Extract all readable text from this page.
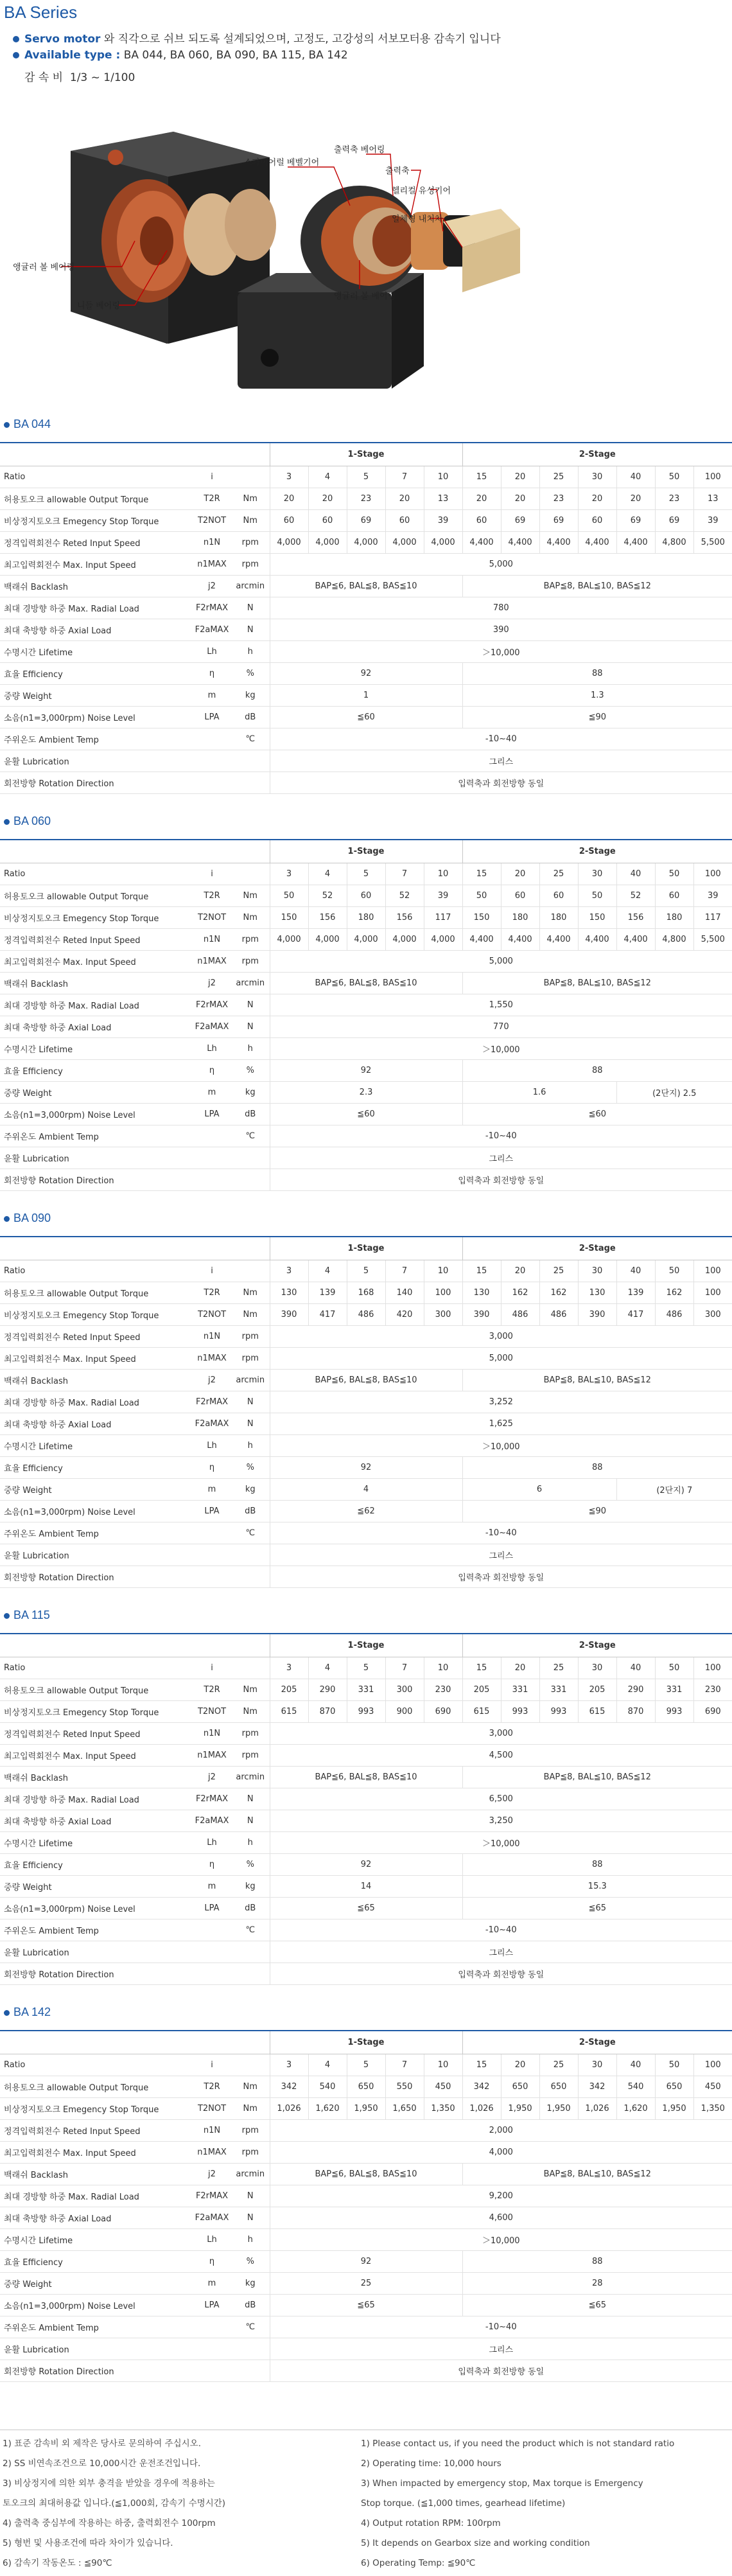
BA Series
Servo motor 와 직각으로 쉬브 되도록 설계되었으며, 고정도, 고강성의 서보모터용 감속기 입니다
Available type : BA 044, BA 060, BA 090, BA 115, BA 142
감 속 비 1/3 ~ 1/100
스파이어럴 베벨기어
출력축 베어링
출력축
헬리컬 유성기어
일체형 내치차
앵귤러 볼 베어링
니들 베어링
앵귤러 볼 베어링
BA 044
			1-Stage					2-Stage						
Ratio	i		3	4	5	7	10	15	20	25	30	40	50	100
허용토오크 allowable Output Torque	T2R	Nm	20	20	23	20	13	20	20	23	20	20	23	13
비상정지토오크 Emegency Stop Torque	T2NOT	Nm	60	60	69	60	39	60	69	69	60	69	69	39
정격입력회전수 Reted Input Speed	n1N	rpm	4,000	4,000	4,000	4,000	4,000	4,400	4,400	4,400	4,400	4,400	4,800	5,500
최고입력회전수 Max. Input Speed	n1MAX	rpm	5,000											
백래쉬 Backlash	j2	arcmin	BAP≦6, BAL≦8, BAS≦10					BAP≦8, BAL≦10, BAS≦12						
최대 경방향 하중 Max. Radial Load	F2rMAX	N	780											
최대 축방향 하중 Axial Load	F2aMAX	N	390											
수명시간 Lifetime	Lh	h	＞10,000											
효율 Efficiency	η	%	92					88						
중량 Weight	m	kg	1					1.3						
소음(n1=3,000rpm) Noise Level	LPA	dB	≦60					≦90						
주위온도 Ambient Temp		℃	-10~40											
윤활 Lubrication			그리스											
회전방향 Rotation Direction			입력축과 회전방향 동일											
BA 060
			1-Stage					2-Stage						
Ratio	i		3	4	5	7	10	15	20	25	30	40	50	100
허용토오크 allowable Output Torque	T2R	Nm	50	52	60	52	39	50	60	60	50	52	60	39
비상정지토오크 Emegency Stop Torque	T2NOT	Nm	150	156	180	156	117	150	180	180	150	156	180	117
정격입력회전수 Reted Input Speed	n1N	rpm	4,000	4,000	4,000	4,000	4,000	4,400	4,400	4,400	4,400	4,400	4,800	5,500
최고입력회전수 Max. Input Speed	n1MAX	rpm	5,000											
백래쉬 Backlash	j2	arcmin	BAP≦6, BAL≦8, BAS≦10					BAP≦8, BAL≦10, BAS≦12						
최대 경방향 하중 Max. Radial Load	F2rMAX	N	1,550											
최대 축방향 하중 Axial Load	F2aMAX	N	770											
수명시간 Lifetime	Lh	h	＞10,000											
효율 Efficiency	η	%	92					88						
중량 Weight	m	kg	2.3					1.6				(2단지) 2.5		
소음(n1=3,000rpm) Noise Level	LPA	dB	≦60					≦60						
주위온도 Ambient Temp		℃	-10~40											
윤활 Lubrication			그리스											
회전방향 Rotation Direction			입력축과 회전방향 동일											
BA 090
			1-Stage					2-Stage						
Ratio	i		3	4	5	7	10	15	20	25	30	40	50	100
허용토오크 allowable Output Torque	T2R	Nm	130	139	168	140	100	130	162	162	130	139	162	100
비상정지토오크 Emegency Stop Torque	T2NOT	Nm	390	417	486	420	300	390	486	486	390	417	486	300
정격입력회전수 Reted Input Speed	n1N	rpm	3,000											
최고입력회전수 Max. Input Speed	n1MAX	rpm	5,000											
백래쉬 Backlash	j2	arcmin	BAP≦6, BAL≦8, BAS≦10					BAP≦8, BAL≦10, BAS≦12						
최대 경방향 하중 Max. Radial Load	F2rMAX	N	3,252											
최대 축방향 하중 Axial Load	F2aMAX	N	1,625											
수명시간 Lifetime	Lh	h	＞10,000											
효율 Efficiency	η	%	92					88						
중량 Weight	m	kg	4					6				(2단지) 7		
소음(n1=3,000rpm) Noise Level	LPA	dB	≦62					≦90						
주위온도 Ambient Temp		℃	-10~40											
윤활 Lubrication			그리스											
회전방향 Rotation Direction			입력축과 회전방향 동일											
BA 115
			1-Stage					2-Stage						
Ratio	i		3	4	5	7	10	15	20	25	30	40	50	100
허용토오크 allowable Output Torque	T2R	Nm	205	290	331	300	230	205	331	331	205	290	331	230
비상정지토오크 Emegency Stop Torque	T2NOT	Nm	615	870	993	900	690	615	993	993	615	870	993	690
정격입력회전수 Reted Input Speed	n1N	rpm	3,000											
최고입력회전수 Max. Input Speed	n1MAX	rpm	4,500											
백래쉬 Backlash	j2	arcmin	BAP≦6, BAL≦8, BAS≦10					BAP≦8, BAL≦10, BAS≦12						
최대 경방향 하중 Max. Radial Load	F2rMAX	N	6,500											
최대 축방향 하중 Axial Load	F2aMAX	N	3,250											
수명시간 Lifetime	Lh	h	＞10,000											
효율 Efficiency	η	%	92					88						
중량 Weight	m	kg	14					15.3						
소음(n1=3,000rpm) Noise Level	LPA	dB	≦65					≦65						
주위온도 Ambient Temp		℃	-10~40											
윤활 Lubrication			그리스											
회전방향 Rotation Direction			입력축과 회전방향 동일											
BA 142
			1-Stage					2-Stage						
Ratio	i		3	4	5	7	10	15	20	25	30	40	50	100
허용토오크 allowable Output Torque	T2R	Nm	342	540	650	550	450	342	650	650	342	540	650	450
비상정지토오크 Emegency Stop Torque	T2NOT	Nm	1,026	1,620	1,950	1,650	1,350	1,026	1,950	1,950	1,026	1,620	1,950	1,350
정격입력회전수 Reted Input Speed	n1N	rpm	2,000											
최고입력회전수 Max. Input Speed	n1MAX	rpm	4,000											
백래쉬 Backlash	j2	arcmin	BAP≦6, BAL≦8, BAS≦10					BAP≦8, BAL≦10, BAS≦12						
최대 경방향 하중 Max. Radial Load	F2rMAX	N	9,200											
최대 축방향 하중 Axial Load	F2aMAX	N	4,600											
수명시간 Lifetime	Lh	h	＞10,000											
효율 Efficiency	η	%	92					88						
중량 Weight	m	kg	25					28						
소음(n1=3,000rpm) Noise Level	LPA	dB	≦65					≦65						
주위온도 Ambient Temp		℃	-10~40											
윤활 Lubrication			그리스											
회전방향 Rotation Direction			입력축과 회전방향 동일											
1) 표준 감속비 외 제작은 당사로 문의하여 주십시오.
2) SS 비연속조건으로 10,000시간 운전조건입니다.
3) 비상정지에 의한 외부 충격을 받았을 경우에 적용하는
토오크의 최대허용값 입니다.(≦1,000회, 감속기 수명시간)
4) 출력축 중심부에 작용하는 하중, 출력회전수 100rpm
5) 형번 및 사용조건에 따라 차이가 있습니다.
6) 감속기 작동온도 : ≦90℃
1) Please contact us, if you need the product which is not standard ratio
2) Operating time: 10,000 hours
3) When impacted by emergency stop, Max torque is Emergency
Stop torque. (≦1,000 times, gearhead lifetime)
4) Output rotation RPM: 100rpm
5) It depends on Gearbox size and working condition
6) Operating Temp: ≦90℃
